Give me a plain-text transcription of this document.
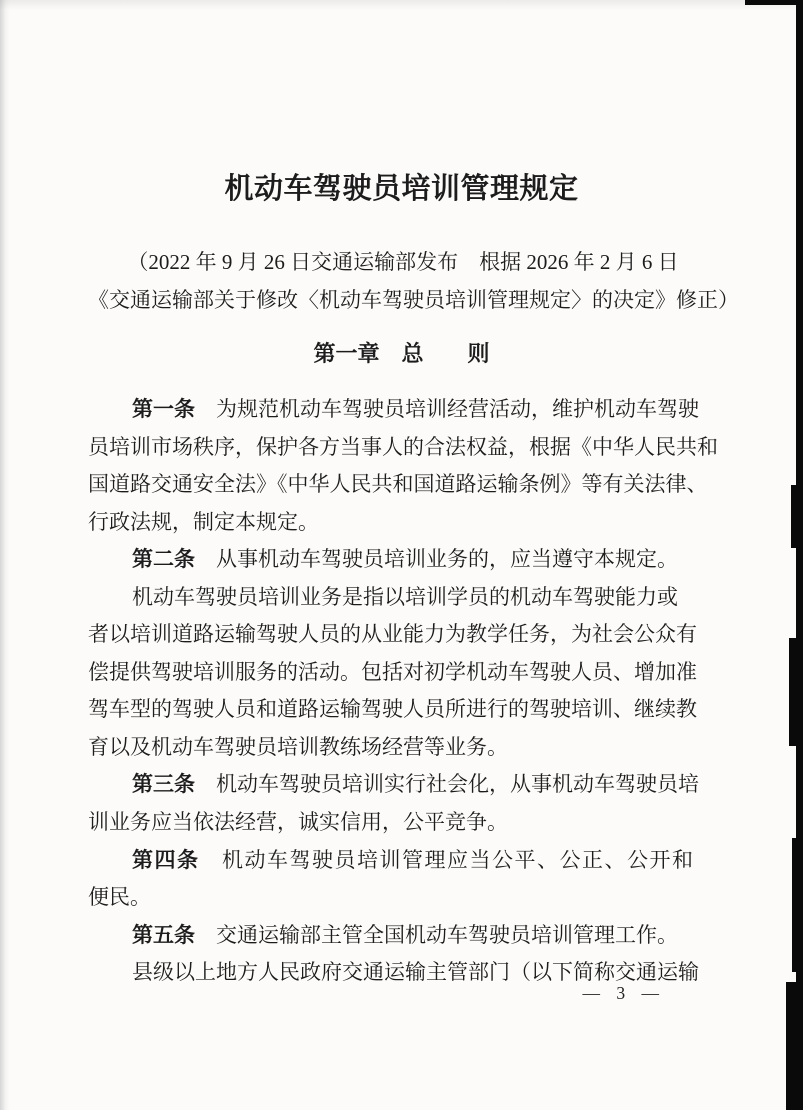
机动车驾驶员培训管理规定
（2022 年 9 月 26 日交通运输部发布　根据 2026 年 2 月 6 日
《交通运输部关于修改〈机动车驾驶员培训管理规定〉的决定》修正）
第一章　总　　则
第一条　为规范机动车驾驶员培训经营活动，维护机动车驾驶
员培训市场秩序，保护各方当事人的合法权益，根据《中华人民共和
国道路交通安全法》《中华人民共和国道路运输条例》等有关法律、
行政法规，制定本规定。
第二条　从事机动车驾驶员培训业务的，应当遵守本规定。
机动车驾驶员培训业务是指以培训学员的机动车驾驶能力或
者以培训道路运输驾驶人员的从业能力为教学任务，为社会公众有
偿提供驾驶培训服务的活动。包括对初学机动车驾驶人员、增加准
驾车型的驾驶人员和道路运输驾驶人员所进行的驾驶培训、继续教
育以及机动车驾驶员培训教练场经营等业务。
第三条　机动车驾驶员培训实行社会化，从事机动车驾驶员培
训业务应当依法经营，诚实信用，公平竞争。
第四条　机动车驾驶员培训管理应当公平、公正、公开和
便民。
第五条　交通运输部主管全国机动车驾驶员培训管理工作。
县级以上地方人民政府交通运输主管部门（以下简称交通运输
— 3 —
